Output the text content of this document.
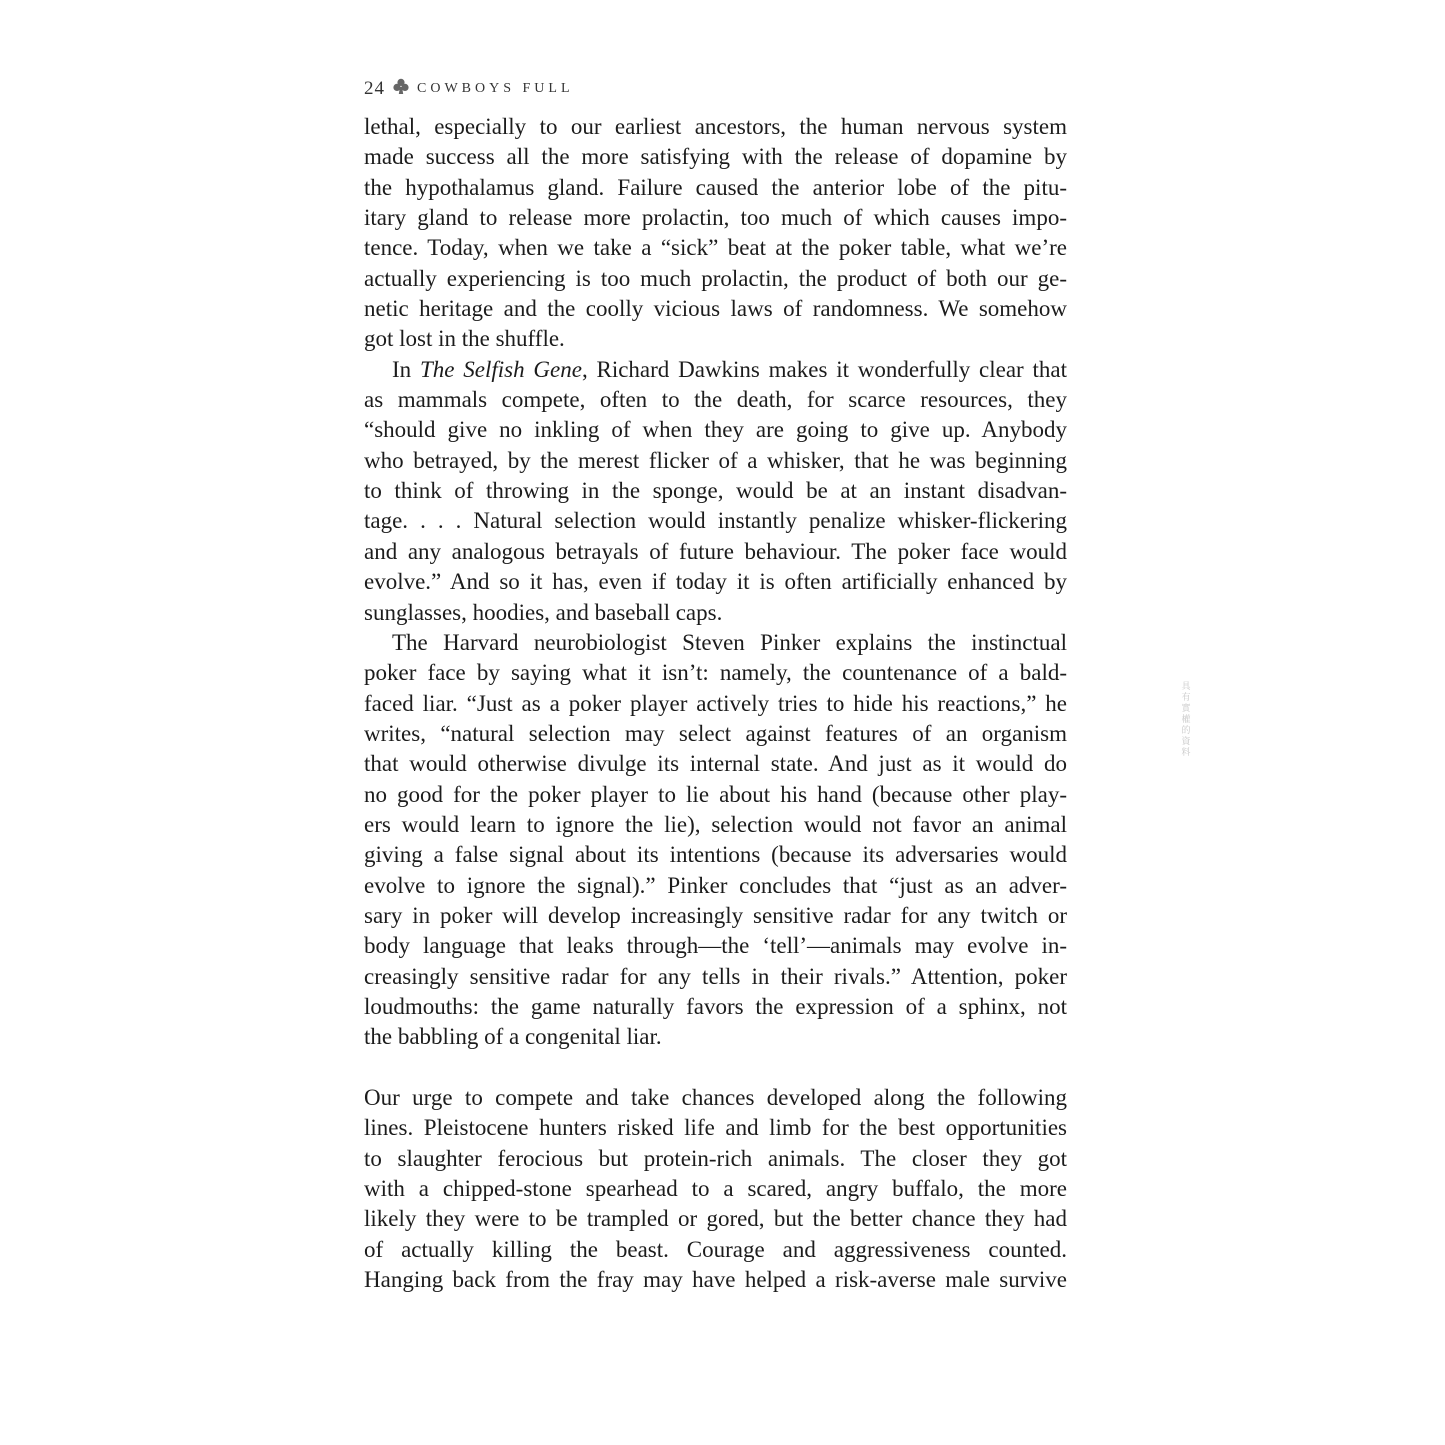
24 COWBOYS FULL
lethal, especially to our earliest ancestors, the human nervous system
made success all the more satisfying with the release of dopamine by
the hypothalamus gland. Failure caused the anterior lobe of the pitu-
itary gland to release more prolactin, too much of which causes impo-
tence. Today, when we take a “sick” beat at the poker table, what we’re
actually experiencing is too much prolactin, the product of both our ge-
netic heritage and the coolly vicious laws of randomness. We somehow
got lost in the shuffle.
In The Selfish Gene, Richard Dawkins makes it wonderfully clear that
as mammals compete, often to the death, for scarce resources, they
“should give no inkling of when they are going to give up. Anybody
who betrayed, by the merest flicker of a whisker, that he was beginning
to think of throwing in the sponge, would be at an instant disadvan-
tage. . . . Natural selection would instantly penalize whisker-flickering
and any analogous betrayals of future behaviour. The poker face would
evolve.” And so it has, even if today it is often artificially enhanced by
sunglasses, hoodies, and baseball caps.
The Harvard neurobiologist Steven Pinker explains the instinctual
poker face by saying what it isn’t: namely, the countenance of a bald-
faced liar. “Just as a poker player actively tries to hide his reactions,” he
writes, “natural selection may select against features of an organism
that would otherwise divulge its internal state. And just as it would do
no good for the poker player to lie about his hand (because other play-
ers would learn to ignore the lie), selection would not favor an animal
giving a false signal about its intentions (because its adversaries would
evolve to ignore the signal).” Pinker concludes that “just as an adver-
sary in poker will develop increasingly sensitive radar for any twitch or
body language that leaks through—the ‘tell’—animals may evolve in-
creasingly sensitive radar for any tells in their rivals.” Attention, poker
loudmouths: the game naturally favors the expression of a sphinx, not
the babbling of a congenital liar.
Our urge to compete and take chances developed along the following
lines. Pleistocene hunters risked life and limb for the best opportunities
to slaughter ferocious but protein-rich animals. The closer they got
with a chipped-stone spearhead to a scared, angry buffalo, the more
likely they were to be trampled or gored, but the better chance they had
of actually killing the beast. Courage and aggressiveness counted.
Hanging back from the fray may have helped a risk-averse male survive
具有實權的資料
